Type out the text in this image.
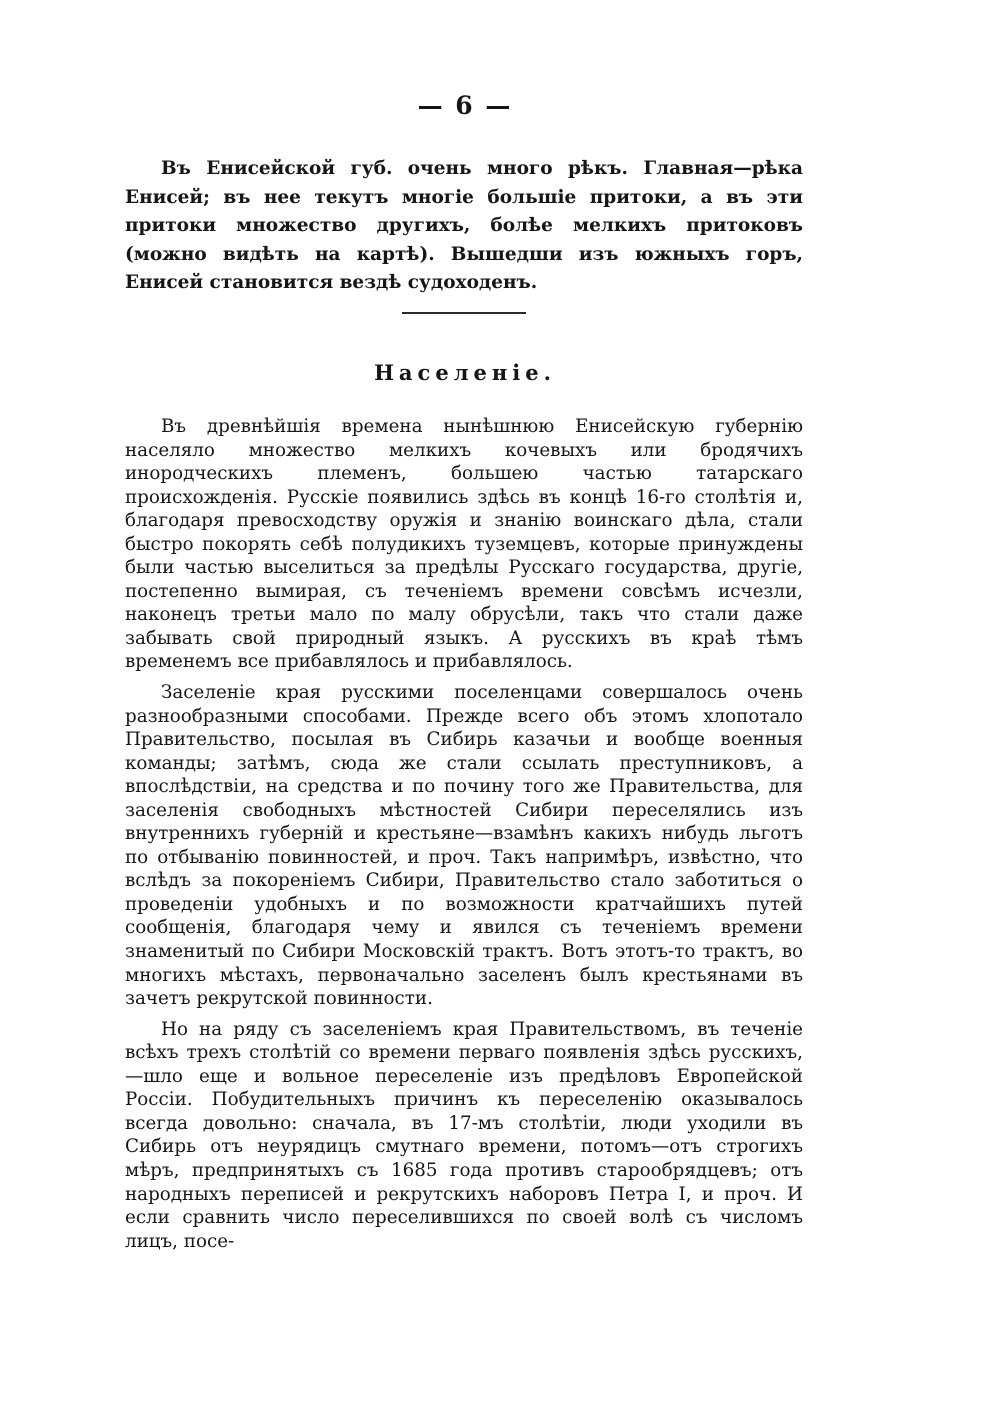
— 6 —

Въ Енисейской губ. очень много рѣкъ. Главная—рѣка Енисей; въ нее текутъ многіе большіе притоки, а въ эти притоки множество другихъ, болѣе мелкихъ притоковъ (можно видѣть на картѣ). Вышедши изъ южныхъ горъ, Енисей становится вездѣ судоходенъ.

Населеніе.

Въ древнѣйшія времена нынѣшнюю Енисейскую губернію населяло множество мелкихъ кочевыхъ или бродячихъ инородческихъ племенъ, большею частью татарскаго происхожденія. Русскіе появились здѣсь въ концѣ 16-го столѣтія и, благодаря превосходству оружія и знанію воинскаго дѣла, стали быстро покорять себѣ полудикихъ туземцевъ, которые принуждены были частью выселиться за предѣлы Русскаго государства, другіе, постепенно вымирая, съ теченіемъ времени совсѣмъ исчезли, наконецъ третьи мало по малу обрусѣли, такъ что стали даже забывать свой природный языкъ. А русскихъ въ краѣ тѣмъ временемъ все прибавлялось и прибавлялось.

Заселеніе края русскими поселенцами совершалось очень разнообразными способами. Прежде всего объ этомъ хлопотало Правительство, посылая въ Сибирь казачьи и вообще военныя команды; затѣмъ, сюда же стали ссылать преступниковъ, а впослѣдствіи, на средства и по почину того же Правительства, для заселенія свободныхъ мѣстностей Сибири переселялись изъ внутреннихъ губерній и крестьяне—взамѣнъ какихъ нибудь льготъ по отбыванію повинностей, и проч. Такъ напримѣръ, извѣстно, что вслѣдъ за покореніемъ Сибири, Правительство стало заботиться о проведеніи удобныхъ и по возможности кратчайшихъ путей сообщенія, благодаря чему и явился съ теченіемъ времени знаменитый по Сибири Московскій трактъ. Вотъ этотъ-то трактъ, во многихъ мѣстахъ, первоначально заселенъ былъ крестьянами въ зачетъ рекрутской повинности.

Но на ряду съ заселеніемъ края Правительствомъ, въ теченіе всѣхъ трехъ столѣтій со времени перваго появленія здѣсь русскихъ,—шло еще и вольное переселеніе изъ предѣловъ Европейской Россіи. Побудительныхъ причинъ къ переселенію оказывалось всегда довольно: сначала, въ 17-мъ столѣтіи, люди уходили въ Сибирь отъ неурядицъ смутнаго времени, потомъ—отъ строгихъ мѣръ, предпринятыхъ съ 1685 года противъ старообрядцевъ; отъ народныхъ переписей и рекрутскихъ наборовъ Петра I, и проч. И если сравнить число переселившихся по своей волѣ съ числомъ лицъ, посе-
